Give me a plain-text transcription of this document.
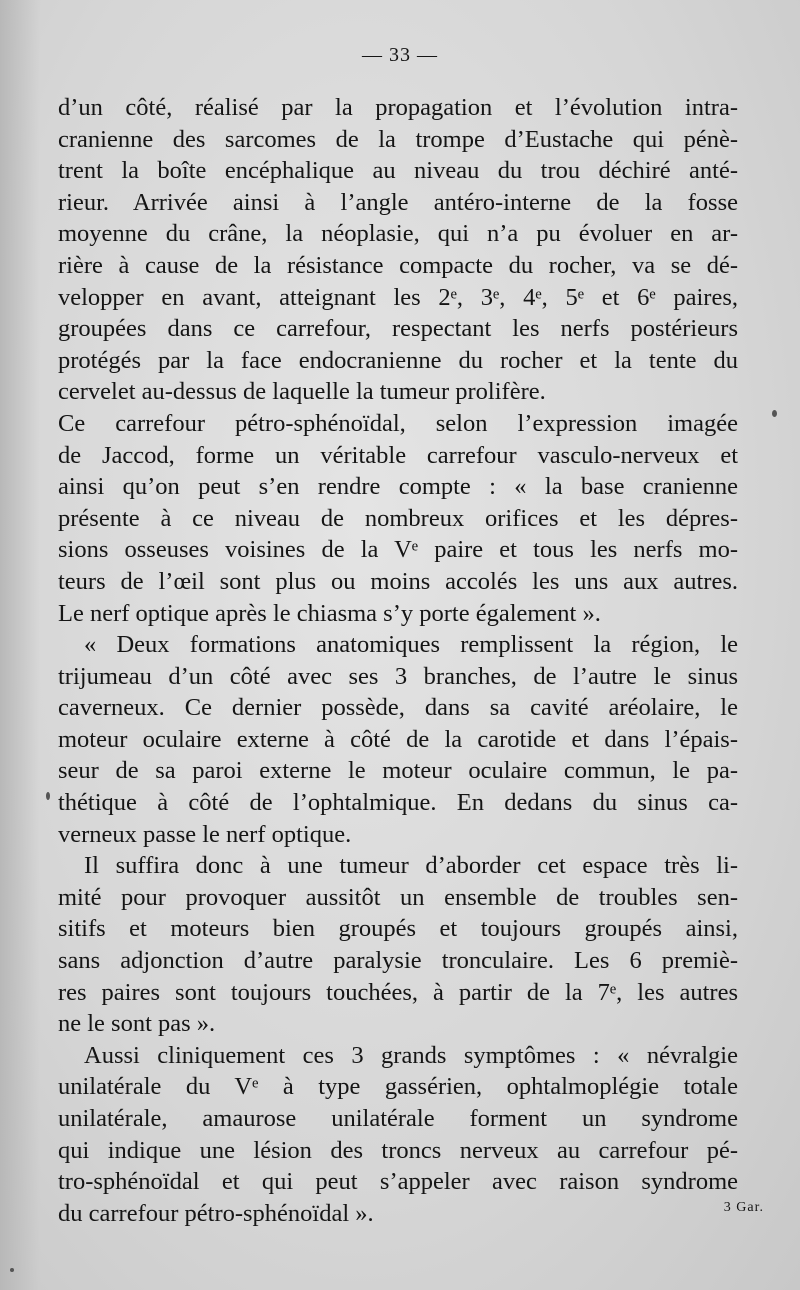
— 33 —
d’un côté, réalisé par la propagation et l’évolution intra-
cranienne des sarcomes de la trompe d’Eustache qui pénè-
trent la boîte encéphalique au niveau du trou déchiré anté-
rieur. Arrivée ainsi à l’angle antéro-interne de la fosse
moyenne du crâne, la néoplasie, qui n’a pu évoluer en ar-
rière à cause de la résistance compacte du rocher, va se dé-
velopper en avant, atteignant les 2ᵉ, 3ᵉ, 4ᵉ, 5ᵉ et 6ᵉ paires,
groupées dans ce carrefour, respectant les nerfs postérieurs
protégés par la face endocranienne du rocher et la tente du
cervelet au-dessus de laquelle la tumeur prolifère.
Ce carrefour pétro-sphénoïdal, selon l’expression imagée
de Jaccod, forme un véritable carrefour vasculo-nerveux et
ainsi qu’on peut s’en rendre compte : « la base cranienne
présente à ce niveau de nombreux orifices et les dépres-
sions osseuses voisines de la Vᵉ paire et tous les nerfs mo-
teurs de l’œil sont plus ou moins accolés les uns aux autres.
Le nerf optique après le chiasma s’y porte également ».
« Deux formations anatomiques remplissent la région, le
trijumeau d’un côté avec ses 3 branches, de l’autre le sinus
caverneux. Ce dernier possède, dans sa cavité aréolaire, le
moteur oculaire externe à côté de la carotide et dans l’épais-
seur de sa paroi externe le moteur oculaire commun, le pa-
thétique à côté de l’ophtalmique. En dedans du sinus ca-
verneux passe le nerf optique.
Il suffira donc à une tumeur d’aborder cet espace très li-
mité pour provoquer aussitôt un ensemble de troubles sen-
sitifs et moteurs bien groupés et toujours groupés ainsi,
sans adjonction d’autre paralysie tronculaire. Les 6 premiè-
res paires sont toujours touchées, à partir de la 7ᵉ, les autres
ne le sont pas ».
Aussi cliniquement ces 3 grands symptômes : « névralgie
unilatérale du Vᵉ à type gassérien, ophtalmoplégie totale
unilatérale, amaurose unilatérale forment un syndrome
qui indique une lésion des troncs nerveux au carrefour pé-
tro-sphénoïdal et qui peut s’appeler avec raison syndrome
du carrefour pétro-sphénoïdal ».	3 Gar.
